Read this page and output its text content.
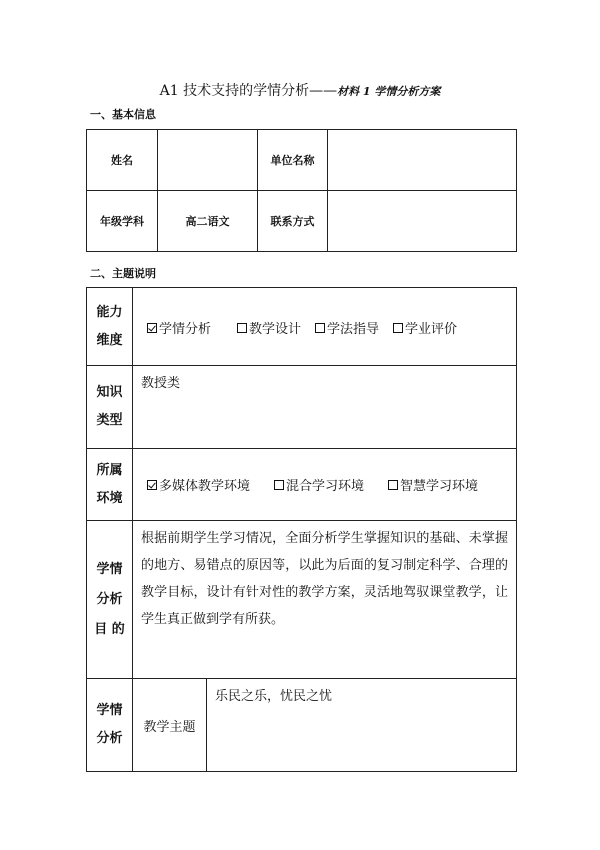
A1 技术支持的学情分析——材料 1 学情分析方案
一、基本信息
姓名		单位名称	
年级学科	高二语文	联系方式	
二、主题说明
能力
维度	学情分析 教学设计 学法指导 学业评价	

知识
类型	教授类	

所属
环境	多媒体教学环境 混合学习环境 智慧学习环境	

学情
分析
目 的	根据前期学生学习情况，全面分析学生掌握知识的基础、未掌握的地方、易错点的原因等，以此为后面的复习制定科学、合理的教学目标，设计有针对性的教学方案，灵活地驾驭课堂教学，让学生真正做到学有所获。	

学情
分析	教学主题	乐民之乐，忧民之忧
